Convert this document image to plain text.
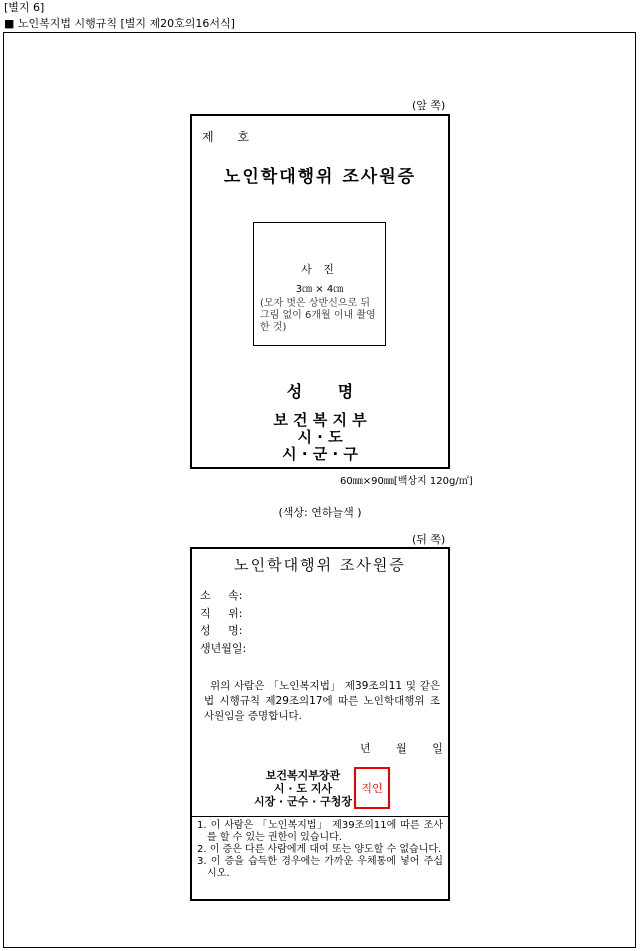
[별지 6]
■ 노인복지법 시행규칙 [별지 제20호의16서식]
(앞 쪽)
제 호
노인학대행위 조사원증
사 진
3㎝ × 4㎝
(모자 벗은 상반신으로 뒤 그림 없이 6개월 이내 촬영한 것)
성 명
보 건 복 지 부
시 · 도
시 · 군 · 구
60㎜×90㎜[백상지 120g/㎡]
(색상: 연하늘색 )
(뒤 쪽)
노인학대행위 조사원증
소 속:
직 위:
성 명:
생년월일:
위의 사람은 「노인복지법」 제39조의11 및 같은 법 시행규칙 제29조의17에 따른 노인학대행위 조사원임을 증명합니다.
년 월 일
보건복지부장관
시 · 도 지사
시장 · 군수 · 구청장
직인
1. 이 사람은 「노인복지법」 제39조의11에 따른 조사를 할 수 있는 권한이 있습니다.
2. 이 증은 다른 사람에게 대여 또는 양도할 수 없습니다.
3. 이 증을 습득한 경우에는 가까운 우체통에 넣어 주십시오.
